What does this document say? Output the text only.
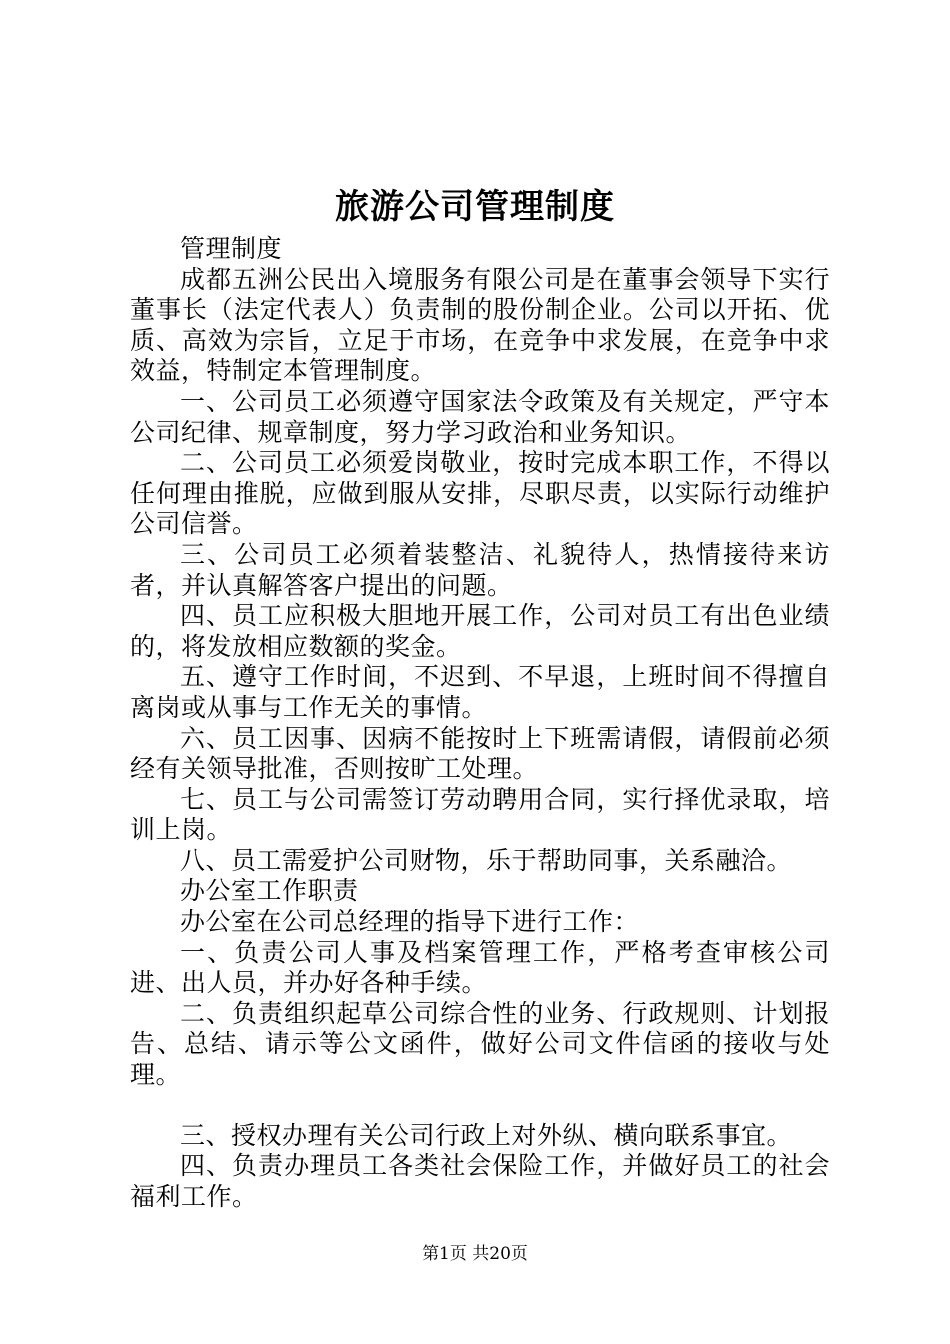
旅游公司管理制度

管理制度

成都五洲公民出入境服务有限公司是在董事会领导下实行董事长（法定代表人）负责制的股份制企业。公司以开拓、优质、高效为宗旨，立足于市场，在竞争中求发展，在竞争中求效益，特制定本管理制度。

一、公司员工必须遵守国家法令政策及有关规定，严守本公司纪律、规章制度，努力学习政治和业务知识。

二、公司员工必须爱岗敬业，按时完成本职工作，不得以任何理由推脱，应做到服从安排，尽职尽责，以实际行动维护公司信誉。

三、公司员工必须着装整洁、礼貌待人，热情接待来访者，并认真解答客户提出的问题。

四、员工应积极大胆地开展工作，公司对员工有出色业绩的，将发放相应数额的奖金。

五、遵守工作时间，不迟到、不早退，上班时间不得擅自离岗或从事与工作无关的事情。

六、员工因事、因病不能按时上下班需请假，请假前必须经有关领导批准，否则按旷工处理。

七、员工与公司需签订劳动聘用合同，实行择优录取，培训上岗。

八、员工需爱护公司财物，乐于帮助同事，关系融洽。

办公室工作职责

办公室在公司总经理的指导下进行工作：

一、负责公司人事及档案管理工作，严格考查审核公司进、出人员，并办好各种手续。

二、负责组织起草公司综合性的业务、行政规则、计划报告、总结、请示等公文函件，做好公司文件信函的接收与处理。

三、授权办理有关公司行政上对外纵、横向联系事宜。

四、负责办理员工各类社会保险工作，并做好员工的社会福利工作。

第1页 共20页
